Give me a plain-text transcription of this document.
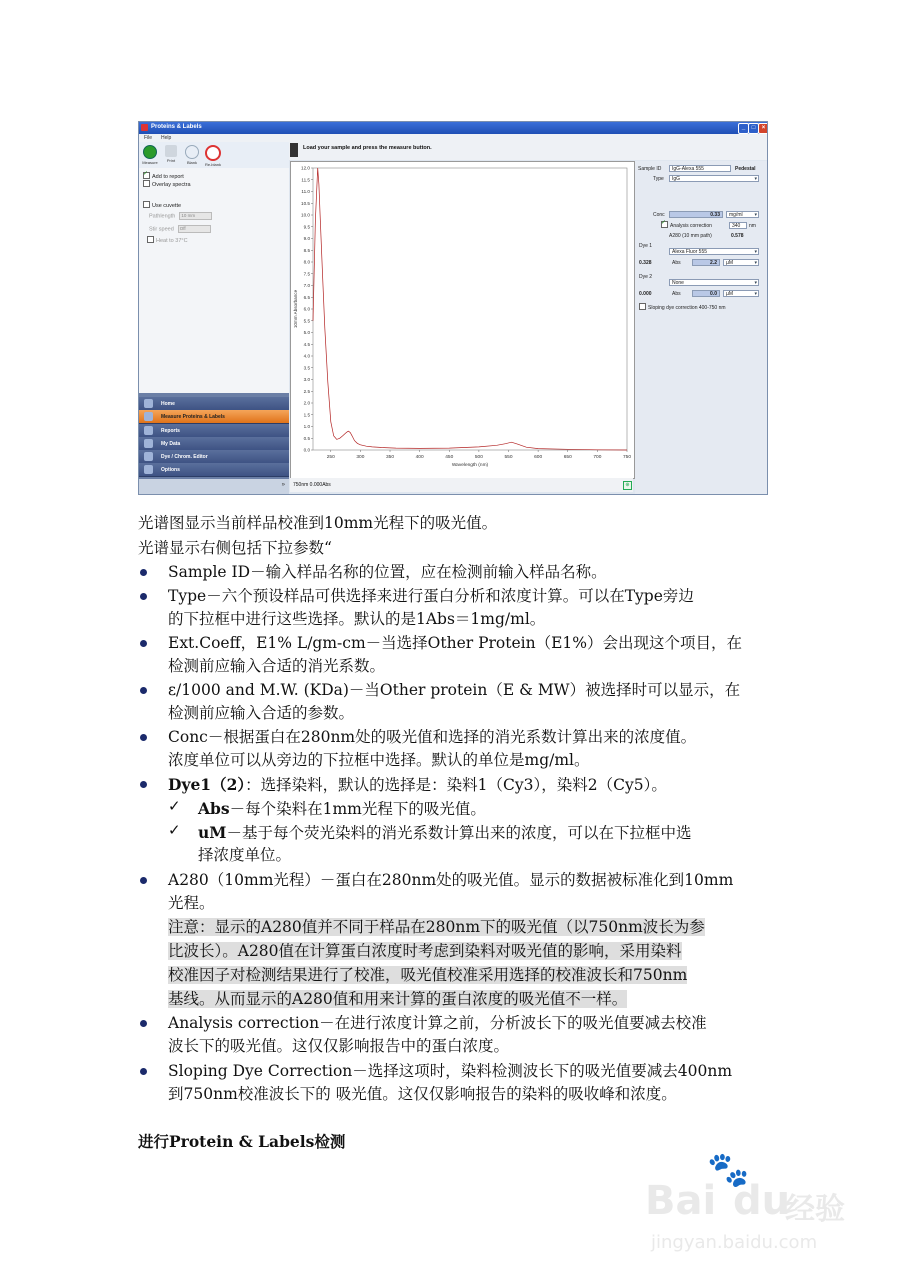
Proteins & Labels	_	□	×
File Help
Measure	Print	Blank	Re-blank
✓Add to report
Overlay spectra
Use cuvette
Pathlength 10 mm
Stir speed Off
Heat to 37°C
Home
Measure Proteins & Labels
Reports
My Data
Dye / Chrom. Editor
Options
»
Load your sample and press the measure button.
0.0
0.5
1.0
1.5
2.0
2.5
3.0
3.5
4.0
4.5
5.0
5.5
6.0
6.5
7.0
7.5
8.0
8.5
9.0
9.5
10.0
10.5
11.0
11.5
12.0
250	300	350	400	450	500	550	600	650	700	750
Wavelength (nm)
10mm Absorbance
750nm 0.000Abs	⊕
Sample ID	IgG-Alexa 555	Pedestal
Type	IgG ▾
Conc	0.33	mg/ml ▾
✓Analysis correction	340	nm
A280 (10 mm path)	0.578
Dye 1
Alexa Fluor 555 ▾
0.328	Abs	2.2	µM ▾
Dye 2
None ▾
0.000	Abs	0.0	µM ▾
Sloping dye correction 400-750 nm
光谱图显示当前样品校准到10mm光程下的吸光值。
光谱显示右侧包括下拉参数“
Sample ID－输入样品名称的位置，应在检测前输入样品名称。
Type－六个预设样品可供选择来进行蛋白分析和浓度计算。可以在Type旁边
的下拉框中进行这些选择。默认的是1Abs＝1mg/ml。
Ext.Coeff，E1% L/gm-cm－当选择Other Protein（E1%）会出现这个项目，在
检测前应输入合适的消光系数。
ε/1000 and M.W. (KDa)－当Other protein（E & MW）被选择时可以显示，在
检测前应输入合适的参数。
Conc－根据蛋白在280nm处的吸光值和选择的消光系数计算出来的浓度值。
浓度单位可以从旁边的下拉框中选择。默认的单位是mg/ml。
Dye1（2）：选择染料，默认的选择是：染料1（Cy3），染料2（Cy5）。
✓ Abs－每个染料在1mm光程下的吸光值。
✓ uM－基于每个荧光染料的消光系数计算出来的浓度，可以在下拉框中选
择浓度单位。
A280（10mm光程）－蛋白在280nm处的吸光值。显示的数据被标准化到10mm
光程。
注意：显示的A280值并不同于样品在280nm下的吸光值（以750nm波长为参
比波长）。A280值在计算蛋白浓度时考虑到染料对吸光值的影响，采用染料
校准因子对检测结果进行了校准，吸光值校准采用选择的校准波长和750nm
基线。从而显示的A280值和用来计算的蛋白浓度的吸光值不一样。
Analysis correction－在进行浓度计算之前，分析波长下的吸光值要减去校准
波长下的吸光值。这仅仅影响报告中的蛋白浓度。
Sloping Dye Correction－选择这项时，染料检测波长下的吸光值要减去400nm
到750nm校准波长下的 吸光值。这仅仅影响报告的染料的吸收峰和浓度。
进行Protein & Labels检测
🐾
Bai du
经验
jingyan.baidu.com
